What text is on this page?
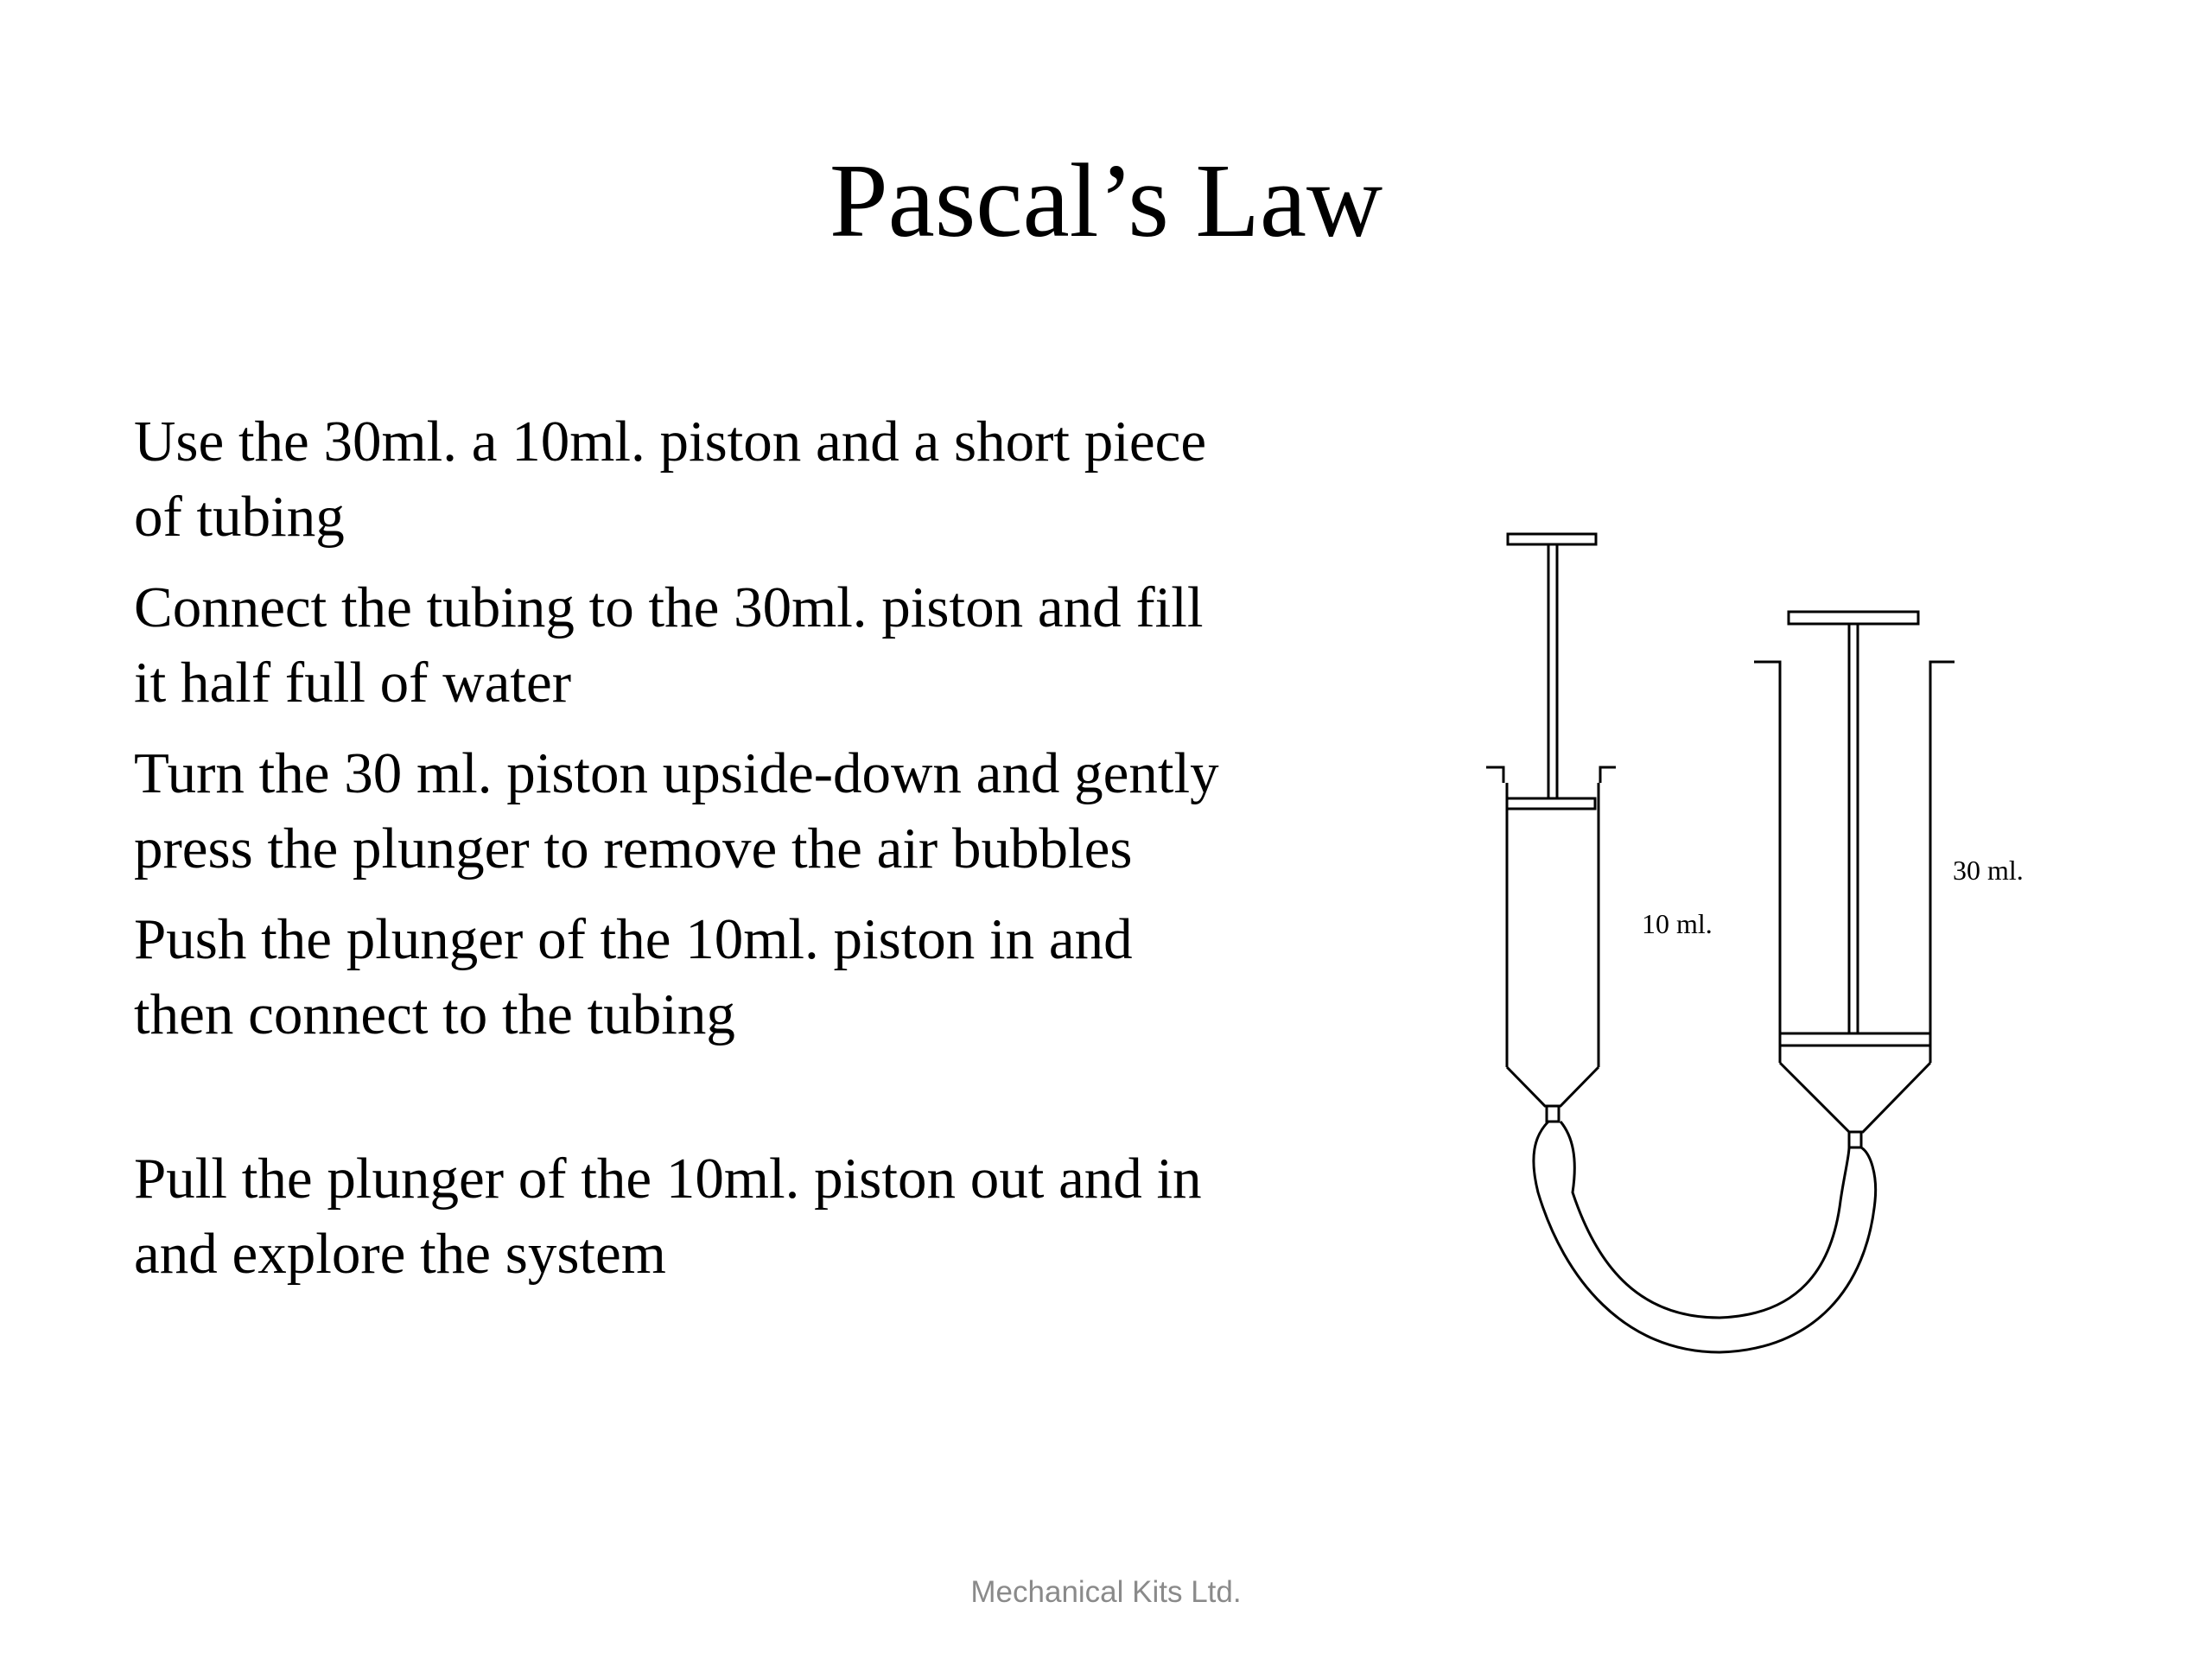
Pascal’s Law

Use the 30ml. a 10ml. piston and a short piece of tubing

Connect the tubing to the 30ml. piston and fill it half full of water

Turn the 30 ml. piston upside-down and gently press the plunger to remove the air bubbles

Push the plunger of the 10ml. piston in and then connect to the tubing

Pull the plunger of the 10ml. piston out and in and explore the system

10 ml.
30 ml.
Mechanical Kits Ltd.
